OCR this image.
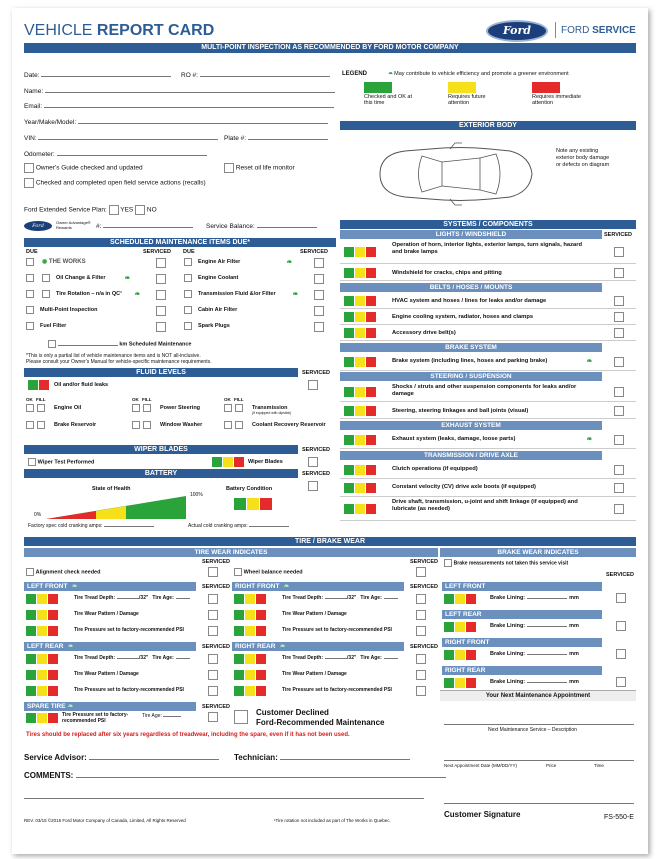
VEHICLE REPORT CARD	Ford	FORD SERVICE
MULTI-POINT INSPECTION AS RECOMMENDED BY FORD MOTOR COMPANY
Date:	RO #:
Name:
Email:
Year/Make/Model:
VIN:	Plate #:
Odometer:
Owner's Guide checked and updated	Reset oil life monitor
Checked and completed open field service actions (recalls)
Ford Extended Service Plan: YES NO
Ford
Owner Advantage® Rewards	#:	Service Balance:
LEGEND	❧ May contribute to vehicle efficiency and promote a greener environment
Checked and OK at this time
Requires future attention
Requires immediate attention
EXTERIOR BODY
Note any existing exterior body damage or defects on diagram
SYSTEMS / COMPONENTS
LIGHTS / WINDSHIELD	SERVICED
Operation of horn, interior lights, exterior lamps, turn signals, hazard and brake lamps
Windshield for cracks, chips and pitting
BELTS / HOSES / MOUNTS
HVAC system and hoses / lines for leaks and/or damage
Engine cooling system, radiator, hoses and clamps
Accessory drive belt(s)
BRAKE SYSTEM
Brake system (including lines, hoses and parking brake)	❧
STEERING / SUSPENSION
Shocks / struts and other suspension components for leaks and/or damage
Steering, steering linkages and ball joints (visual)
EXHAUST SYSTEM
Exhaust system (leaks, damage, loose parts)	❧
TRANSMISSION / DRIVE AXLE
Clutch operations (if equipped)
Constant velocity (CV) drive axle boots (if equipped)
Drive shaft, transmission, u-joint and shift linkage (if equipped) and lubricate (as needed)
SCHEDULED MAINTENANCE ITEMS DUE*
DUE	SERVICED DUE	SERVICED
◉ THE WORKS
Oil Change & Filter	❧
Tire Rotation – n/a in QC¹ ❧
Multi-Point Inspection
Fuel Filter
Engine Air Filter	❧
Engine Coolant
Transmission Fluid &/or Filter ❧
Cabin Air Filter
Spark Plugs
km Scheduled Maintenance
*This is only a partial list of vehicle maintenance items and is NOT all-inclusive.
Please consult your Owner's Manual for vehicle-specific maintenance requirements.
FLUID LEVELS	SERVICED
Oil and/or fluid leaks
OK FILL	OK FILL	OK FILL
Engine Oil
Brake Reservoir
Power Steering
Window Washer
Transmission
Coolant Recovery Reservoir
(if equipped with dipstick)
WIPER BLADES	SERVICED
Wiper Test Performed	Wiper Blades
BATTERY	SERVICED
State of Health
0%
100%
Battery Condition
Factory spec cold cranking amps:	Actual cold cranking amps:
TIRE / BRAKE WEAR
TIRE WEAR INDICATES	BRAKE WEAR INDICATES
SERVICED	SERVICED
Alignment check needed	Wheel balance needed
LEFT FRONT ❧	SERVICED
Tire Tread Depth:	/32" Tire Age:
Tire Wear Pattern / Damage
Tire Pressure set to factory-recommended PSI
RIGHT FRONT ❧	SERVICED
Tire Tread Depth:	/32" Tire Age:
Tire Wear Pattern / Damage
Tire Pressure set to factory-recommended PSI
LEFT REAR ❧	SERVICED
Tire Tread Depth:	/32" Tire Age:
Tire Wear Pattern / Damage
Tire Pressure set to factory-recommended PSI
RIGHT REAR ❧	SERVICED
Tire Tread Depth:	/32" Tire Age:
Tire Wear Pattern / Damage
Tire Pressure set to factory-recommended PSI
SPARE TIRE ❧	SERVICED
Tire Pressure set to factory-recommended PSI
Tire Age:	Customer Declined
Ford-Recommended Maintenance
Tires should be replaced after six years regardless of treadwear, including the spare, even if it has not been used.
Brake measurements not taken this service visit
SERVICED
LEFT FRONT
Brake Lining:	mm
LEFT REAR
Brake Lining:	mm
RIGHT FRONT
Brake Lining:	mm
RIGHT REAR
Brake Lining:	mm
Your Next Maintenance Appointment
Next Maintenance Service – Description
Next Appointment Date (MM/DD/YY)	Price	Time
Service Advisor:	Technician:
COMMENTS:
Customer Signature
REV. 03/15 ©2015 Ford Motor Company of Canada, Limited, All Rights Reserved	¹Tire rotation not included as part of The Works in Quebec.	FS-550-E
